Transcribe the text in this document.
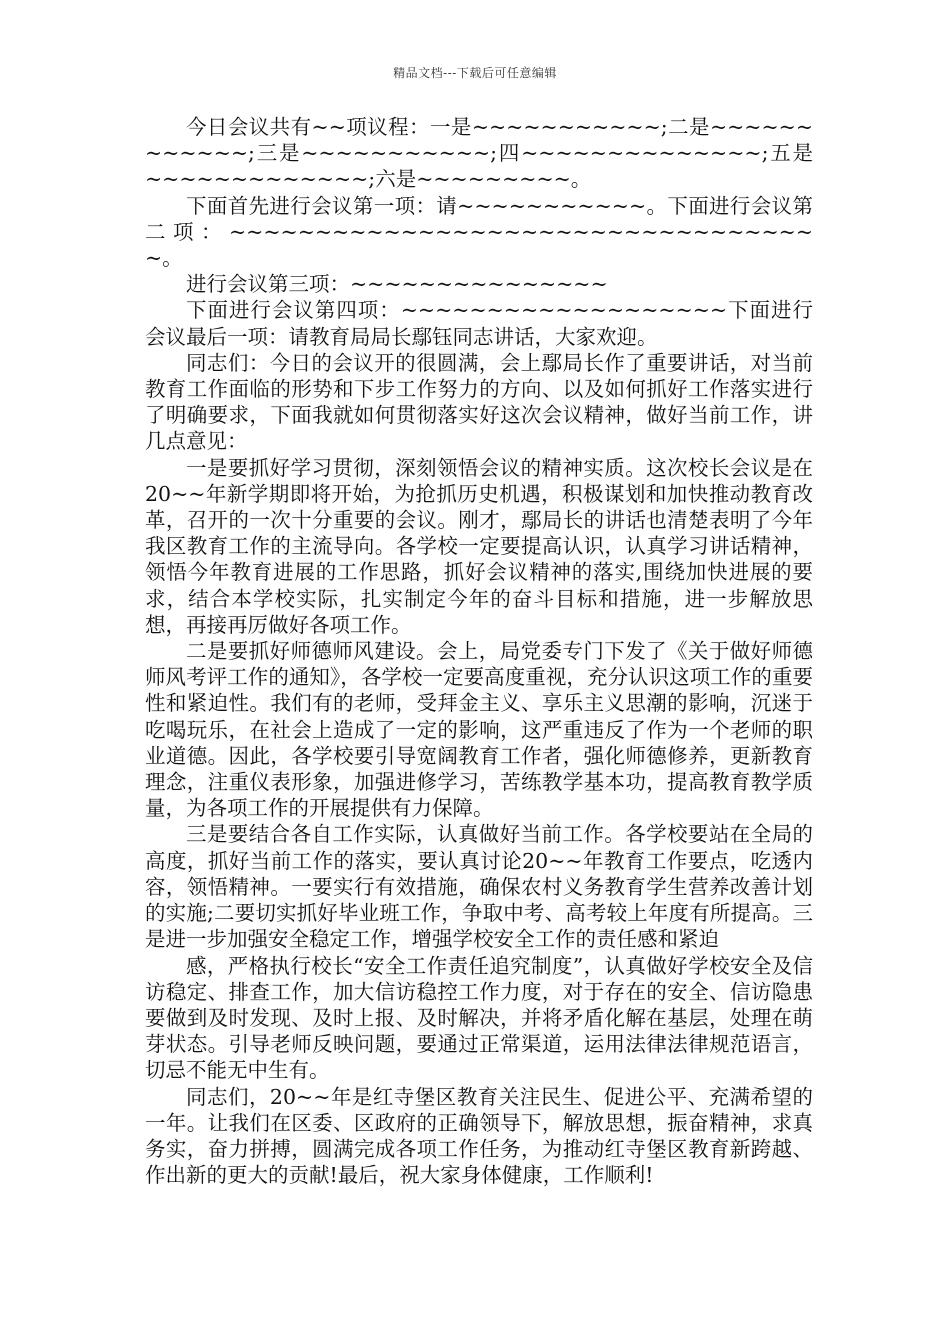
精品文档---下载后可任意编辑

今日会议共有~~项议程：一是~~~~~~~~~~~;二是~~~~~~~~~~~~;三是~~~~~~~~~~~;四~~~~~~~~~~~~~~;五是~~~~~~~~~~~~~;六是~~~~~~~~~。

下面首先进行会议第一项：请~~~~~~~~~~~。下面进行会议第二项：~~~~~~~~~~~~~~~~~~~~~~~~~~~~~~~~~~~。

进行会议第三项：~~~~~~~~~~~~~~~

下面进行会议第四项：~~~~~~~~~~~~~~~~~~~下面进行会议最后一项：请教育局局长鄢钰同志讲话，大家欢迎。

同志们：今日的会议开的很圆满，会上鄢局长作了重要讲话，对当前教育工作面临的形势和下步工作努力的方向、以及如何抓好工作落实进行了明确要求，下面我就如何贯彻落实好这次会议精神，做好当前工作，讲几点意见：

一是要抓好学习贯彻，深刻领悟会议的精神实质。这次校长会议是在20~~年新学期即将开始，为抢抓历史机遇，积极谋划和加快推动教育改革，召开的一次十分重要的会议。刚才，鄢局长的讲话也清楚表明了今年我区教育工作的主流导向。各学校一定要提高认识，认真学习讲话精神，领悟今年教育进展的工作思路，抓好会议精神的落实,围绕加快进展的要求，结合本学校实际，扎实制定今年的奋斗目标和措施，进一步解放思想，再接再厉做好各项工作。

二是要抓好师德师风建设。会上，局党委专门下发了《关于做好师德师风考评工作的通知》，各学校一定要高度重视，充分认识这项工作的重要性和紧迫性。我们有的老师，受拜金主义、享乐主义思潮的影响，沉迷于吃喝玩乐，在社会上造成了一定的影响，这严重违反了作为一个老师的职业道德。因此，各学校要引导宽阔教育工作者，强化师德修养，更新教育理念，注重仪表形象，加强进修学习，苦练教学基本功，提高教育教学质量，为各项工作的开展提供有力保障。

三是要结合各自工作实际，认真做好当前工作。各学校要站在全局的高度，抓好当前工作的落实，要认真讨论20~~年教育工作要点，吃透内容，领悟精神。一要实行有效措施，确保农村义务教育学生营养改善计划的实施;二要切实抓好毕业班工作，争取中考、高考较上年度有所提高。三是进一步加强安全稳定工作，增强学校安全工作的责任感和紧迫

感，严格执行校长“安全工作责任追究制度”，认真做好学校安全及信访稳定、排查工作，加大信访稳控工作力度，对于存在的安全、信访隐患要做到及时发现、及时上报、及时解决，并将矛盾化解在基层，处理在萌芽状态。引导老师反映问题，要通过正常渠道，运用法律法律规范语言，切忌不能无中生有。

同志们，20~~年是红寺堡区教育关注民生、促进公平、充满希望的一年。让我们在区委、区政府的正确领导下，解放思想，振奋精神，求真务实，奋力拼搏，圆满完成各项工作任务，为推动红寺堡区教育新跨越、作出新的更大的贡献!最后，祝大家身体健康，工作顺利!
